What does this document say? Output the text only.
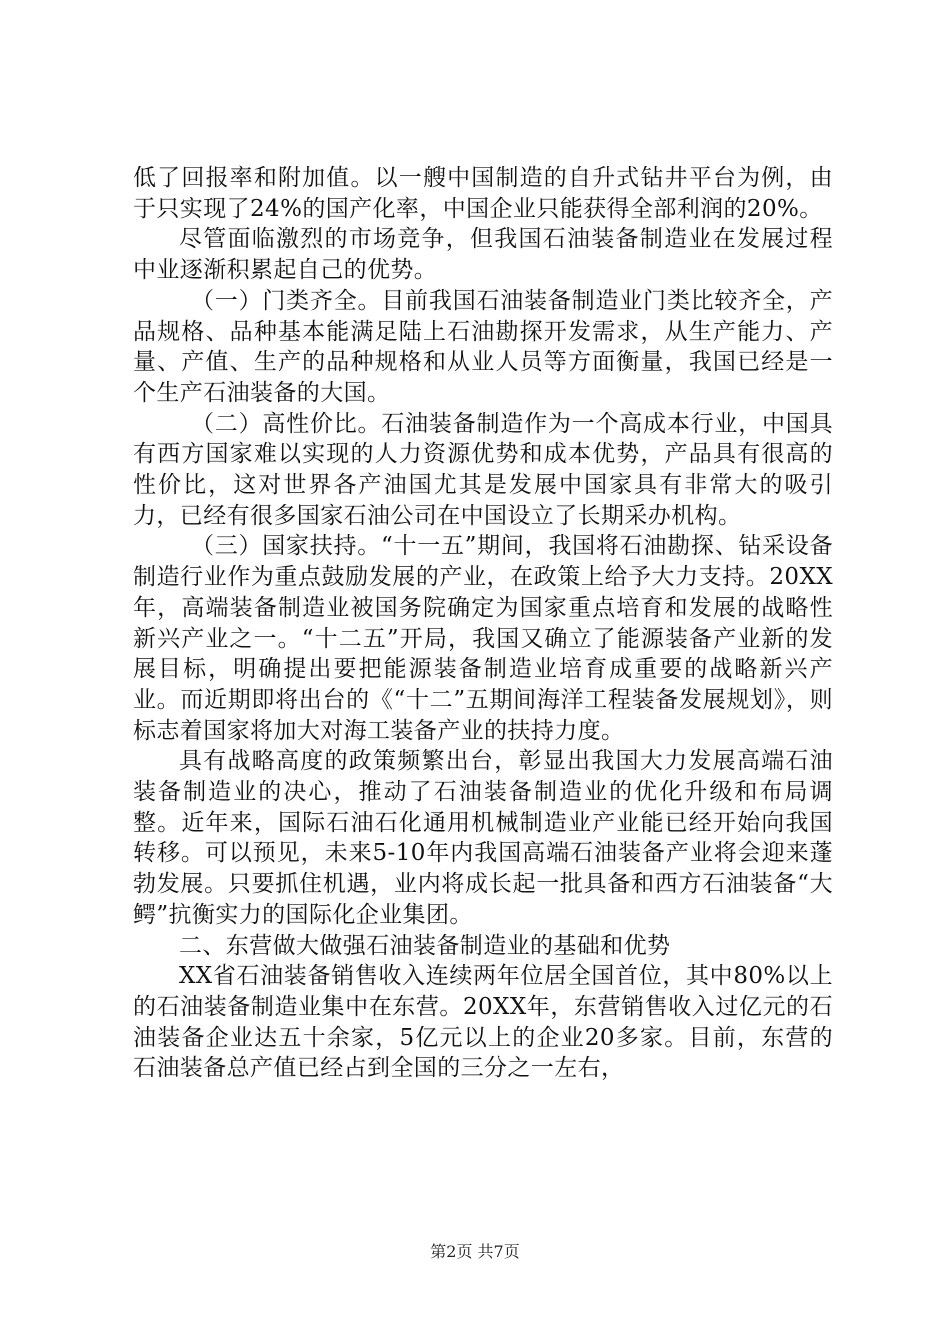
低了回报率和附加值。以一艘中国制造的自升式钻井平台为例，由于只实现了24%的国产化率，中国企业只能获得全部利润的20%。

尽管面临激烈的市场竞争，但我国石油装备制造业在发展过程中业逐渐积累起自己的优势。

（一）门类齐全。目前我国石油装备制造业门类比较齐全，产品规格、品种基本能满足陆上石油勘探开发需求，从生产能力、产量、产值、生产的品种规格和从业人员等方面衡量，我国已经是一个生产石油装备的大国。

（二）高性价比。石油装备制造作为一个高成本行业，中国具有西方国家难以实现的人力资源优势和成本优势，产品具有很高的性价比，这对世界各产油国尤其是发展中国家具有非常大的吸引力，已经有很多国家石油公司在中国设立了长期采办机构。

（三）国家扶持。“十一五”期间，我国将石油勘探、钻采设备制造行业作为重点鼓励发展的产业，在政策上给予大力支持。20XX年，高端装备制造业被国务院确定为国家重点培育和发展的战略性新兴产业之一。“十二五”开局，我国又确立了能源装备产业新的发展目标，明确提出要把能源装备制造业培育成重要的战略新兴产业。而近期即将出台的《“十二”五期间海洋工程装备发展规划》，则标志着国家将加大对海工装备产业的扶持力度。

具有战略高度的政策频繁出台，彰显出我国大力发展高端石油装备制造业的决心，推动了石油装备制造业的优化升级和布局调整。近年来，国际石油石化通用机械制造业产业能已经开始向我国转移。可以预见，未来5-10年内我国高端石油装备产业将会迎来蓬勃发展。只要抓住机遇，业内将成长起一批具备和西方石油装备“大鳄”抗衡实力的国际化企业集团。

二、东营做大做强石油装备制造业的基础和优势

XX省石油装备销售收入连续两年位居全国首位，其中80%以上的石油装备制造业集中在东营。20XX年，东营销售收入过亿元的石油装备企业达五十余家，5亿元以上的企业20多家。目前，东营的石油装备总产值已经占到全国的三分之一左右，

第2页 共7页
